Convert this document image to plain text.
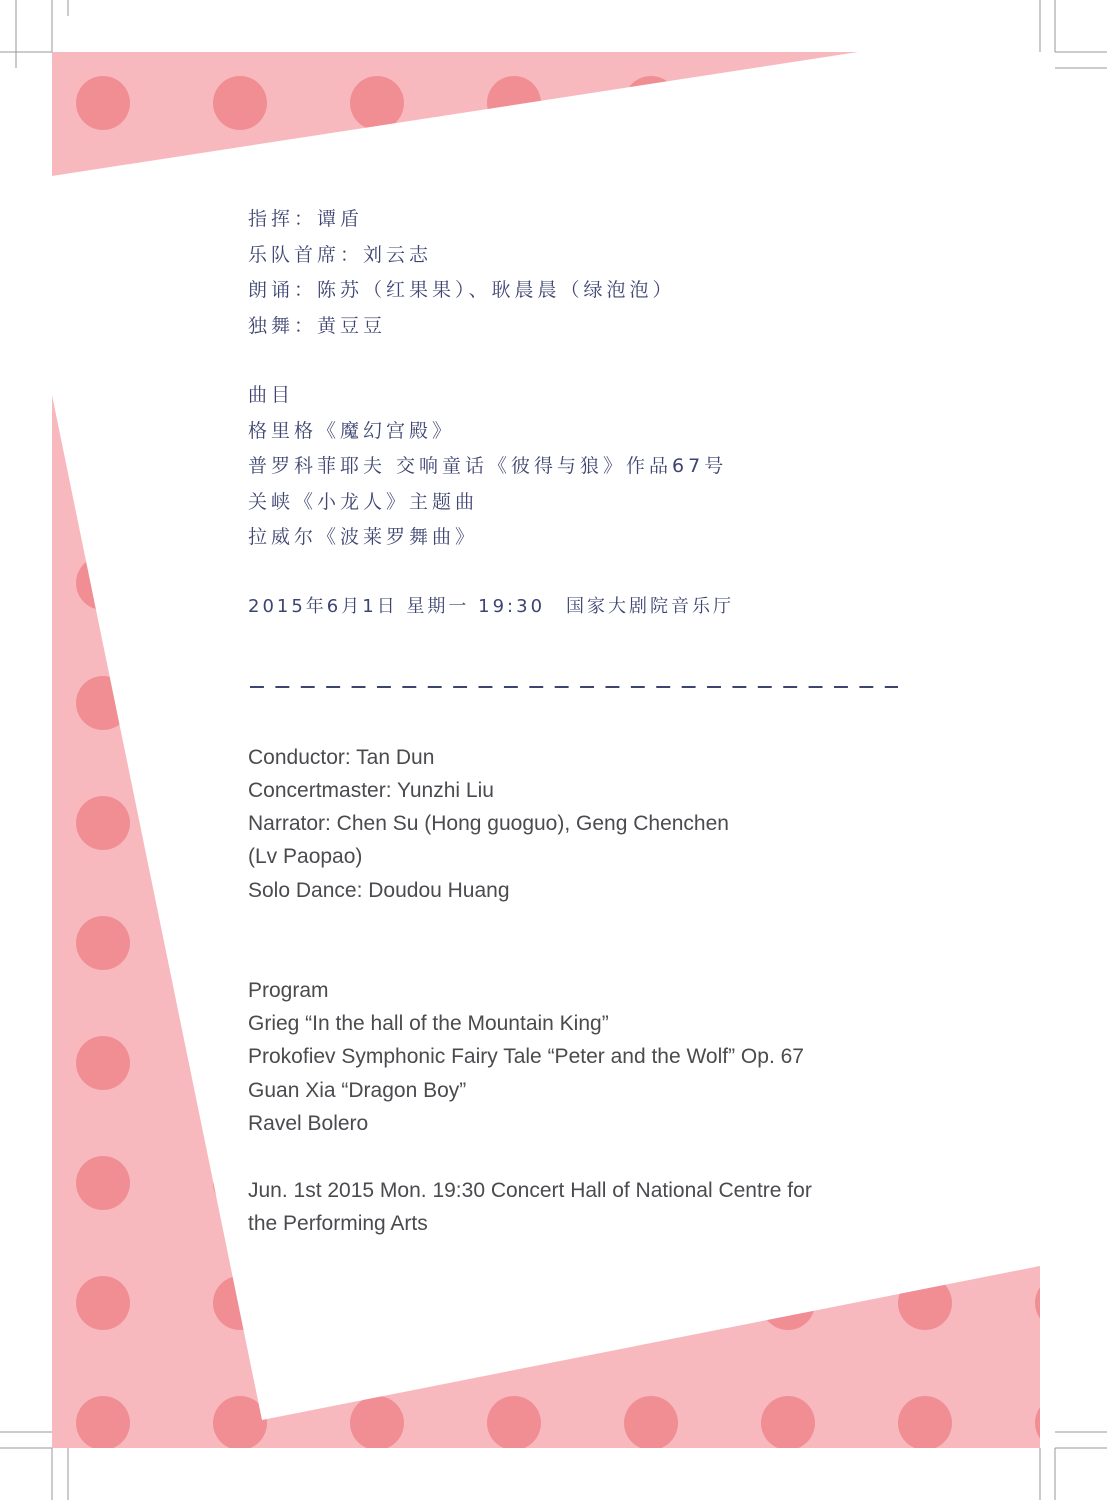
指挥：谭盾
乐队首席：刘云志
朗诵：陈苏（红果果）、耿晨晨（绿泡泡）
独舞：黄豆豆
曲目
格里格《魔幻宫殿》
普罗科菲耶夫 交响童话《彼得与狼》作品67号
关峡《小龙人》主题曲
拉威尔《波莱罗舞曲》
2015年6月1日 星期一 19:30　国家大剧院音乐厅
Conductor: Tan Dun
Concertmaster: Yunzhi Liu
Narrator: Chen Su (Hong guoguo), Geng Chenchen
(Lv Paopao)
Solo Dance: Doudou Huang
Program
Grieg “In the hall of the Mountain King”
Prokofiev Symphonic Fairy Tale “Peter and the Wolf” Op. 67
Guan Xia “Dragon Boy”
Ravel Bolero
Jun. 1st 2015 Mon. 19:30 Concert Hall of National Centre for
the Performing Arts
